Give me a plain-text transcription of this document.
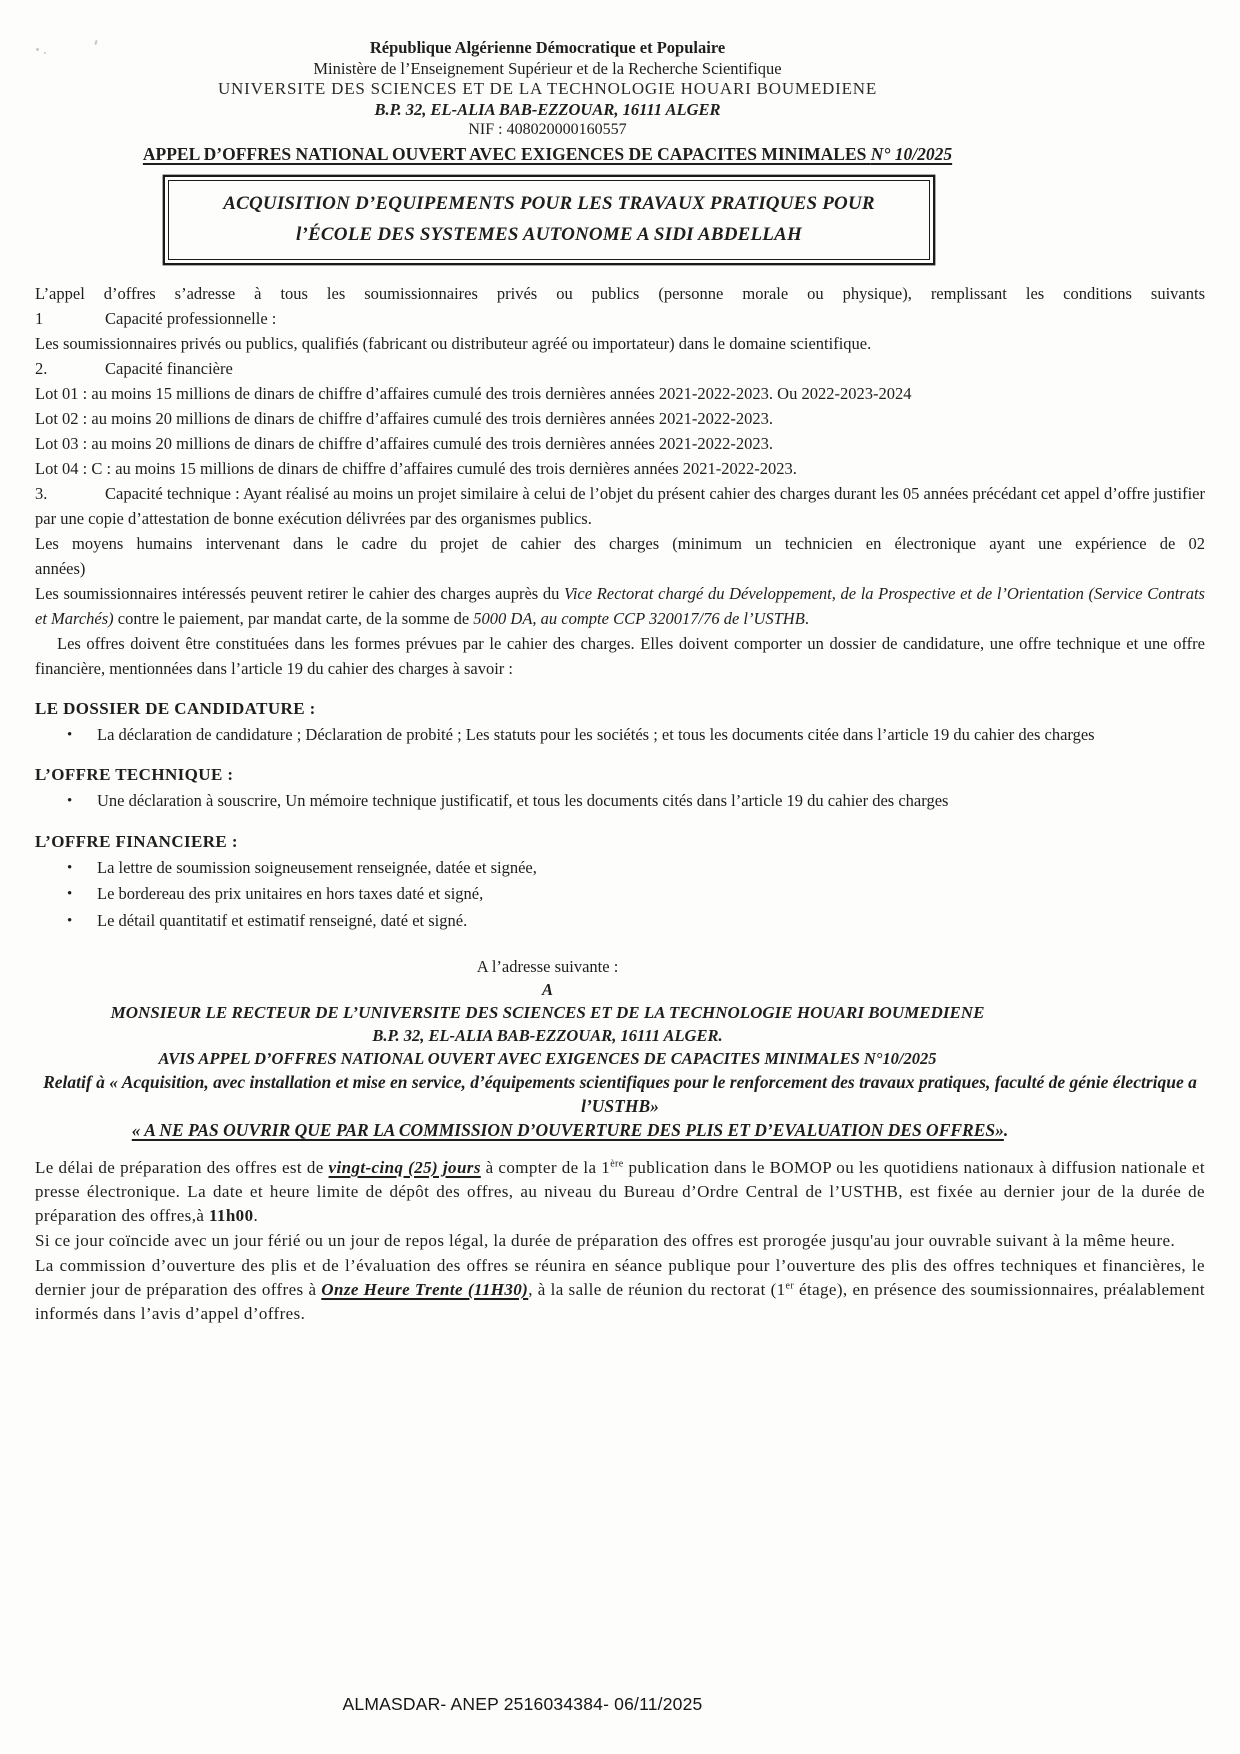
République Algérienne Démocratique et Populaire
Ministère de l’Enseignement Supérieur et de la Recherche Scientifique
UNIVERSITE DES SCIENCES ET DE LA TECHNOLOGIE HOUARI BOUMEDIENE
B.P. 32, EL-ALIA BAB-EZZOUAR, 16111 ALGER
NIF : 408020000160557
APPEL D’OFFRES NATIONAL OUVERT AVEC EXIGENCES DE CAPACITES MINIMALES N° 10/2025
ACQUISITION D’EQUIPEMENTS POUR LES TRAVAUX PRATIQUES POUR l’ÉCOLE DES SYSTEMES AUTONOME A SIDI ABDELLAH

L’appel d’offres s’adresse à tous les soumissionnaires privés ou publics (personne morale ou physique), remplissant les conditions suivants

1	Capacité professionnelle :

Les soumissionnaires privés ou publics, qualifiés (fabricant ou distributeur agréé ou importateur) dans le domaine scientifique.

2.	Capacité financière

Lot 01 : au moins 15 millions de dinars de chiffre d’affaires cumulé des trois dernières années 2021-2022-2023. Ou 2022-2023-2024

Lot 02 : au moins 20 millions de dinars de chiffre d’affaires cumulé des trois dernières années 2021-2022-2023.

Lot 03 : au moins 20 millions de dinars de chiffre d’affaires cumulé des trois dernières années 2021-2022-2023.

Lot 04 : C : au moins 15 millions de dinars de chiffre d’affaires cumulé des trois dernières années 2021-2022-2023.

3.	Capacité technique : Ayant réalisé au moins un projet similaire à celui de l’objet du présent cahier des charges durant les 05 années précédant cet appel d’offre justifier par une copie d’attestation de bonne exécution délivrées par des organismes publics.

Les moyens humains intervenant dans le cadre du projet de cahier des charges (minimum un technicien en électronique ayant une expérience de 02
années)

Les soumissionnaires intéressés peuvent retirer le cahier des charges auprès du Vice Rectorat chargé du Développement, de la Prospective et de l’Orientation (Service Contrats et Marchés) contre le paiement, par mandat carte, de la somme de 5000 DA, au compte CCP 320017/76 de l’USTHB.

Les offres doivent être constituées dans les formes prévues par le cahier des charges. Elles doivent comporter un dossier de candidature, une offre technique et une offre financière, mentionnées dans l’article 19 du cahier des charges à savoir :

LE DOSSIER DE CANDIDATURE :
• La déclaration de candidature ; Déclaration de probité ; Les statuts pour les sociétés ; et tous les documents citée dans l’article 19 du cahier des charges
L’OFFRE TECHNIQUE :
• Une déclaration à souscrire, Un mémoire technique justificatif, et tous les documents cités dans l’article 19 du cahier des charges
L’OFFRE FINANCIERE :
• La lettre de soumission soigneusement renseignée, datée et signée,
• Le bordereau des prix unitaires en hors taxes daté et signé,
• Le détail quantitatif et estimatif renseigné, daté et signé.
A l’adresse suivante :
A
MONSIEUR LE RECTEUR DE L’UNIVERSITE DES SCIENCES ET DE LA TECHNOLOGIE HOUARI BOUMEDIENE
B.P. 32, EL-ALIA BAB-EZZOUAR, 16111 ALGER.
AVIS APPEL D’OFFRES NATIONAL OUVERT AVEC EXIGENCES DE CAPACITES MINIMALES N°10/2025
Relatif à « Acquisition, avec installation et mise en service, d’équipements scientifiques pour le renforcement des travaux pratiques, faculté de génie électrique a l’USTHB»
« A NE PAS OUVRIR QUE PAR LA COMMISSION D’OUVERTURE DES PLIS ET D’EVALUATION DES OFFRES».

Le délai de préparation des offres est de vingt-cinq (25) jours à compter de la 1ère publication dans le BOMOP ou les quotidiens nationaux à diffusion nationale et presse électronique. La date et heure limite de dépôt des offres, au niveau du Bureau d’Ordre Central de l’USTHB, est fixée au dernier jour de la durée de préparation des offres,à 11h00.

Si ce jour coïncide avec un jour férié ou un jour de repos légal, la durée de préparation des offres est prorogée jusqu'au jour ouvrable suivant à la même heure.

La commission d’ouverture des plis et de l’évaluation des offres se réunira en séance publique pour l’ouverture des plis des offres techniques et financières, le dernier jour de préparation des offres à Onze Heure Trente (11H30), à la salle de réunion du rectorat (1er étage), en présence des soumissionnaires, préalablement informés dans l’avis d’appel d’offres.

ALMASDAR- ANEP 2516034384- 06/11/2025
